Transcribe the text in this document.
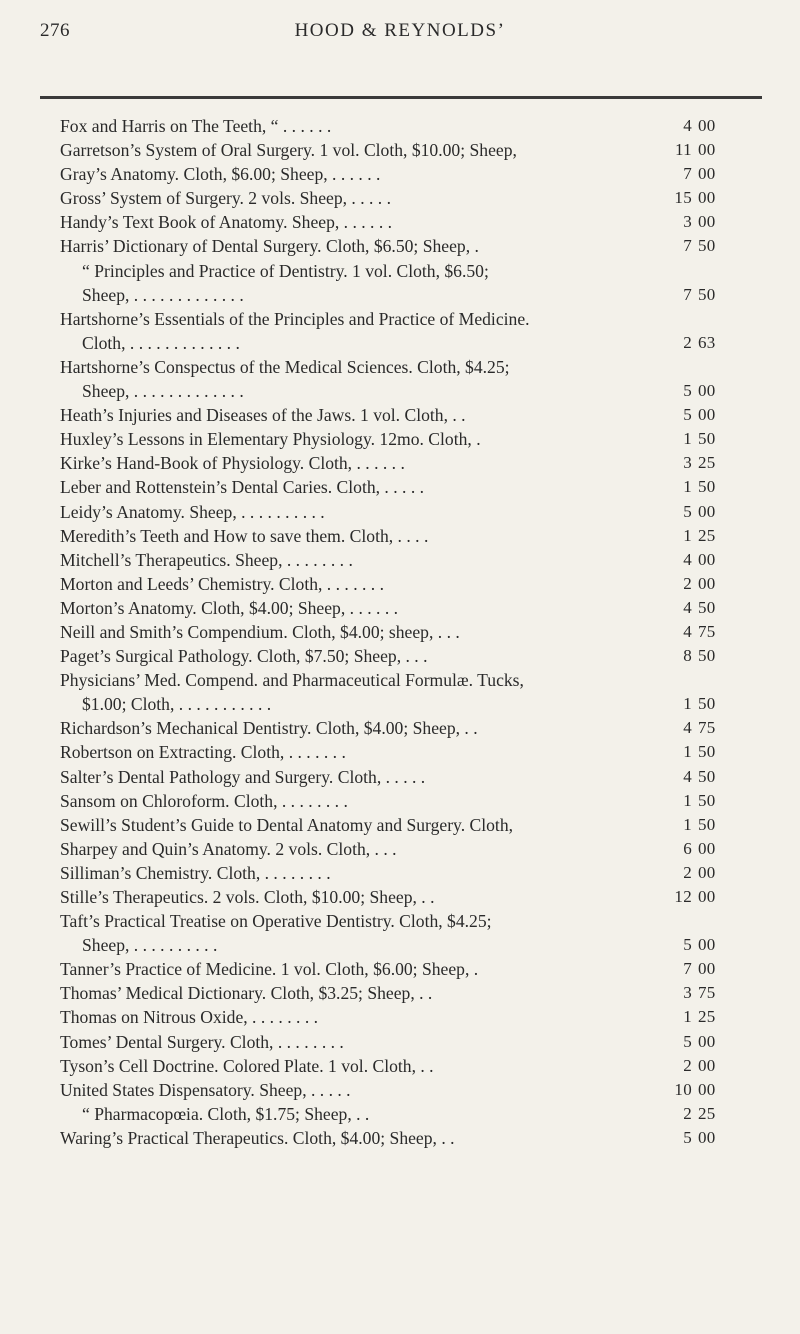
276	HOOD & REYNOLDS’
Fox and Harris on The Teeth, “ . . . . . .	4 00
Garretson’s System of Oral Surgery. 1 vol. Cloth, $10.00; Sheep,	11 00
Gray’s Anatomy. Cloth, $6.00; Sheep, . . . . . .	7 00
Gross’ System of Surgery. 2 vols. Sheep, . . . . .	15 00
Handy’s Text Book of Anatomy. Sheep, . . . . . .	3 00
Harris’ Dictionary of Dental Surgery. Cloth, $6.50; Sheep, .	7 50
“ Principles and Practice of Dentistry. 1 vol. Cloth, $6.50;
Sheep, . . . . . . . . . . . . .	7 50
Hartshorne’s Essentials of the Principles and Practice of Medicine.
Cloth, . . . . . . . . . . . . .	2 63
Hartshorne’s Conspectus of the Medical Sciences. Cloth, $4.25;
Sheep, . . . . . . . . . . . . .	5 00
Heath’s Injuries and Diseases of the Jaws. 1 vol. Cloth, . .	5 00
Huxley’s Lessons in Elementary Physiology. 12mo. Cloth, .	1 50
Kirke’s Hand-Book of Physiology. Cloth, . . . . . .	3 25
Leber and Rottenstein’s Dental Caries. Cloth, . . . . .	1 50
Leidy’s Anatomy. Sheep, . . . . . . . . . .	5 00
Meredith’s Teeth and How to save them. Cloth, . . . .	1 25
Mitchell’s Therapeutics. Sheep, . . . . . . . .	4 00
Morton and Leeds’ Chemistry. Cloth, . . . . . . .	2 00
Morton’s Anatomy. Cloth, $4.00; Sheep, . . . . . .	4 50
Neill and Smith’s Compendium. Cloth, $4.00; sheep, . . .	4 75
Paget’s Surgical Pathology. Cloth, $7.50; Sheep, . . .	8 50
Physicians’ Med. Compend. and Pharmaceutical Formulæ. Tucks,
$1.00; Cloth, . . . . . . . . . . .	1 50
Richardson’s Mechanical Dentistry. Cloth, $4.00; Sheep, . .	4 75
Robertson on Extracting. Cloth, . . . . . . .	1 50
Salter’s Dental Pathology and Surgery. Cloth, . . . . .	4 50
Sansom on Chloroform. Cloth, . . . . . . . .	1 50
Sewill’s Student’s Guide to Dental Anatomy and Surgery. Cloth,	1 50
Sharpey and Quin’s Anatomy. 2 vols. Cloth, . . .	6 00
Silliman’s Chemistry. Cloth, . . . . . . . .	2 00
Stille’s Therapeutics. 2 vols. Cloth, $10.00; Sheep, . .	12 00
Taft’s Practical Treatise on Operative Dentistry. Cloth, $4.25;
Sheep, . . . . . . . . . .	5 00
Tanner’s Practice of Medicine. 1 vol. Cloth, $6.00; Sheep, .	7 00
Thomas’ Medical Dictionary. Cloth, $3.25; Sheep, . .	3 75
Thomas on Nitrous Oxide, . . . . . . . .	1 25
Tomes’ Dental Surgery. Cloth, . . . . . . . .	5 00
Tyson’s Cell Doctrine. Colored Plate. 1 vol. Cloth, . .	2 00
United States Dispensatory. Sheep, . . . . .	10 00
“ Pharmacopœia. Cloth, $1.75; Sheep, . .	2 25
Waring’s Practical Therapeutics. Cloth, $4.00; Sheep, . .	5 00
